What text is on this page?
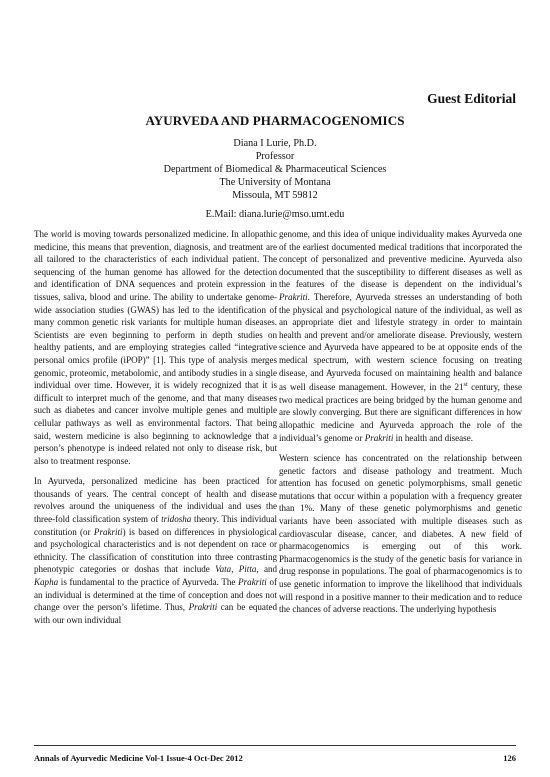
Guest Editorial
AYURVEDA AND PHARMACOGENOMICS
Diana I Lurie, Ph.D.
Professor
Department of Biomedical & Pharmaceutical Sciences
The University of Montana
Missoula, MT 59812
E.Mail: diana.lurie@mso.umt.edu

The world is moving towards personalized medicine. In allopathic medicine, this means that prevention, diagnosis, and treatment are all tailored to the characteristics of each individual patient. The sequencing of the human genome has allowed for the detection and identification of DNA sequences and protein expression in tissues, saliva, blood and urine. The ability to undertake genome-wide association studies (GWAS) has led to the identification of many common genetic risk variants for multiple human diseases. Scientists are even beginning to perform in depth studies on healthy patients, and are employing strategies called “integrative personal omics profile (iPOP)” [1]. This type of analysis merges genomic, proteomic, metabolomic, and antibody studies in a single individual over time. However, it is widely recognized that it is difficult to interpret much of the genome, and that many diseases such as diabetes and cancer involve multiple genes and multiple cellular pathways as well as environmental factors. That being said, western medicine is also beginning to acknowledge that a person’s phenotype is indeed related not only to disease risk, but also to treatment response.

In Ayurveda, personalized medicine has been practiced for thousands of years. The central concept of health and disease revolves around the uniqueness of the individual and uses the three-fold classification system of tridosha theory. This individual constitution (or Prakriti) is based on differences in physiological and psychological characteristics and is not dependent on race or ethnicity. The classification of constitution into three contrasting phenotypic categories or doshas that include Vata, Pitta, and Kapha is fundamental to the practice of Ayurveda. The Prakriti of an individual is determined at the time of conception and does not change over the person’s lifetime. Thus, Prakriti can be equated with our own individual

genome, and this idea of unique individuality makes Ayurveda one of the earliest documented medical traditions that incorporated the concept of personalized and preventive medicine. Ayurveda also documented that the susceptibility to different diseases as well as the features of the disease is dependent on the individual’s Prakriti. Therefore, Ayurveda stresses an understanding of both the physical and psychological nature of the individual, as well as an appropriate diet and lifestyle strategy in order to maintain health and prevent and/or ameliorate disease. Previously, western science and Ayurveda have appeared to be at opposite ends of the medical spectrum, with western science focusing on treating disease, and Ayurveda focused on maintaining health and balance as well disease management. However, in the 21st century, these two medical practices are being bridged by the human genome and are slowly converging. But there are significant differences in how allopathic medicine and Ayurveda approach the role of the individual’s genome or Prakriti in health and disease.

Western science has concentrated on the relationship between genetic factors and disease pathology and treatment. Much attention has focused on genetic polymorphisms, small genetic mutations that occur within a population with a frequency greater than 1%. Many of these genetic polymorphisms and genetic variants have been associated with multiple diseases such as cardiovascular disease, cancer, and diabetes. A new field of pharmacogenomics is emerging out of this work. Pharmacogenomics is the study of the genetic basis for variance in drug response in populations. The goal of pharmacogenomics is to use genetic information to improve the likelihood that individuals will respond in a positive manner to their medication and to reduce the chances of adverse reactions. The underlying hypothesis

Annals of Ayurvedic Medicine Vol-1 Issue-4 Oct-Dec 2012	126
